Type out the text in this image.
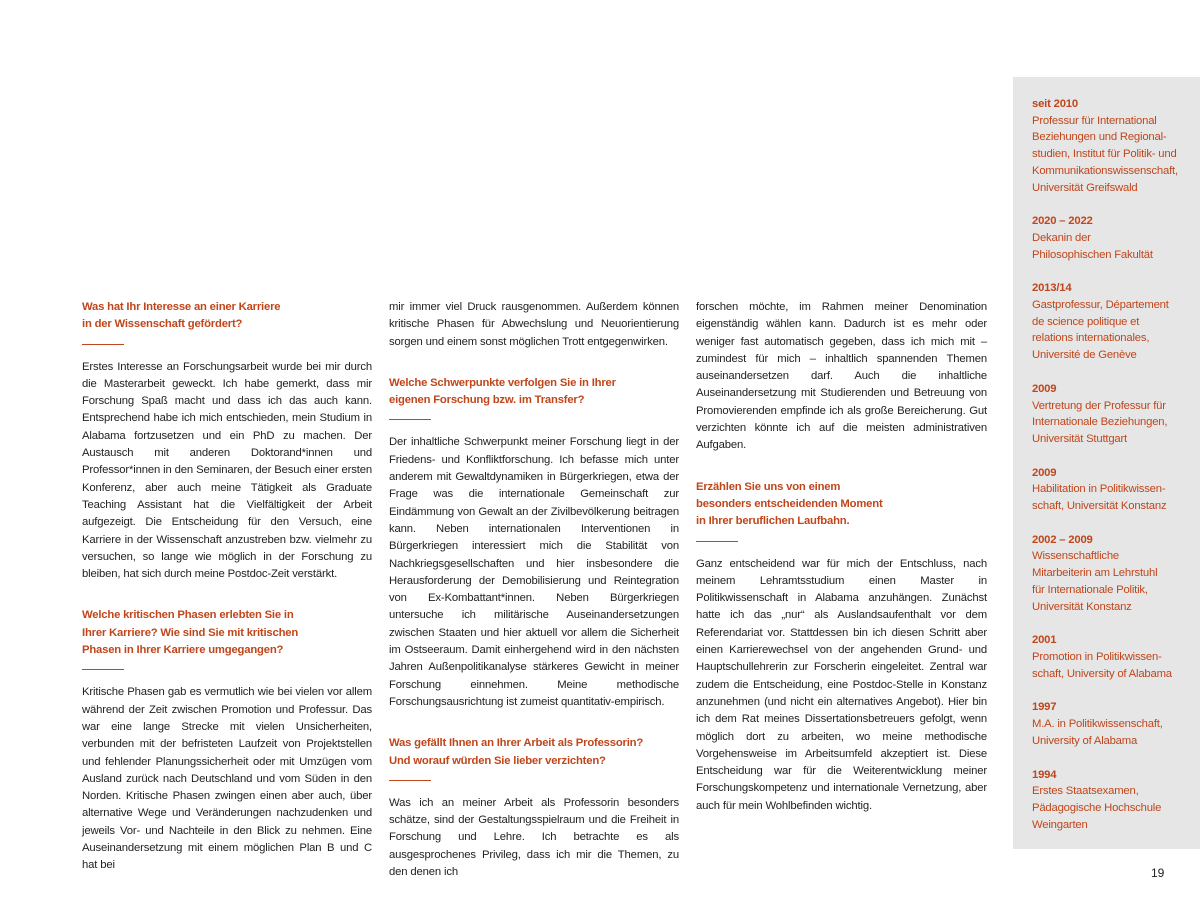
Was hat Ihr Interesse an einer Karriere
in der Wissenschaft gefördert?

Erstes Interesse an Forschungsarbeit wurde bei mir durch die Masterarbeit geweckt. Ich habe gemerkt, dass mir Forschung Spaß macht und dass ich das auch kann. Entsprechend habe ich mich entschieden, mein Studium in Alabama fortzusetzen und ein PhD zu machen. Der Austausch mit anderen Doktorand*innen und Professor*innen in den Seminaren, der Besuch einer ersten Konferenz, aber auch meine Tätigkeit als Graduate Teaching Assistant hat die Vielfältigkeit der Arbeit aufgezeigt. Die Entscheidung für den Versuch, eine Karriere in der Wissenschaft anzustreben bzw. vielmehr zu versuchen, so lange wie möglich in der Forschung zu bleiben, hat sich durch meine Postdoc-Zeit verstärkt.

Welche kritischen Phasen erlebten Sie in
Ihrer Karriere? Wie sind Sie mit kritischen
Phasen in Ihrer Karriere umgegangen?

Kritische Phasen gab es vermutlich wie bei vielen vor allem während der Zeit zwischen Promotion und Professur. Das war eine lange Strecke mit vielen Unsicherheiten, verbunden mit der befristeten Laufzeit von Projektstellen und fehlender Planungssicherheit oder mit Umzügen vom Ausland zurück nach Deutschland und vom Süden in den Norden. Kritische Phasen zwingen einen aber auch, über alternative Wege und Veränderungen nachzudenken und jeweils Vor- und Nachteile in den Blick zu nehmen. Eine Auseinandersetzung mit einem möglichen Plan B und C hat bei

mir immer viel Druck rausgenommen. Außerdem können kritische Phasen für Abwechslung und Neuorientierung sorgen und einem sonst möglichen Trott entgegenwirken.

Welche Schwerpunkte verfolgen Sie in Ihrer
eigenen Forschung bzw. im Transfer?

Der inhaltliche Schwerpunkt meiner Forschung liegt in der Friedens- und Konfliktforschung. Ich befasse mich unter anderem mit Gewaltdynamiken in Bürgerkriegen, etwa der Frage was die internationale Gemeinschaft zur Eindämmung von Gewalt an der Zivilbevölkerung beitragen kann. Neben internationalen Interventionen in Bürgerkriegen interessiert mich die Stabilität von Nachkriegsgesellschaften und hier insbesondere die Herausforderung der Demobilisierung und Reintegration von Ex-Kombattant*innen. Neben Bürgerkriegen untersuche ich militärische Auseinandersetzungen zwischen Staaten und hier aktuell vor allem die Sicherheit im Ostseeraum. Damit einhergehend wird in den nächsten Jahren Außenpolitikanalyse stärkeres Gewicht in meiner Forschung einnehmen. Meine methodische Forschungsausrichtung ist zumeist quantitativ-empirisch.

Was gefällt Ihnen an Ihrer Arbeit als Professorin?
Und worauf würden Sie lieber verzichten?

Was ich an meiner Arbeit als Professorin besonders schätze, sind der Gestaltungsspielraum und die Freiheit in Forschung und Lehre. Ich betrachte es als ausgesprochenes Privileg, dass ich mir die Themen, zu den denen ich

forschen möchte, im Rahmen meiner Denomination eigenständig wählen kann. Dadurch ist es mehr oder weniger fast automatisch gegeben, dass ich mich mit – zumindest für mich – inhaltlich spannenden Themen auseinandersetzen darf. Auch die inhaltliche Auseinandersetzung mit Studierenden und Betreuung von Promovierenden empfinde ich als große Bereicherung. Gut verzichten könnte ich auf die meisten administrativen Aufgaben.

Erzählen Sie uns von einem
besonders entscheidenden Moment
in Ihrer beruflichen Laufbahn.

Ganz entscheidend war für mich der Entschluss, nach meinem Lehramtsstudium einen Master in Politikwissenschaft in Alabama anzuhängen. Zunächst hatte ich das „nur“ als Auslandsaufenthalt vor dem Referendariat vor. Stattdessen bin ich diesen Schritt aber einen Karrierewechsel von der angehenden Grund- und Hauptschullehrerin zur Forscherin eingeleitet. Zentral war zudem die Entscheidung, eine Postdoc-Stelle in Konstanz anzunehmen (und nicht ein alternatives Angebot). Hier bin ich dem Rat meines Dissertationsbetreuers gefolgt, wenn möglich dort zu arbeiten, wo meine methodische Vorgehensweise im Arbeitsumfeld akzeptiert ist. Diese Entscheidung war für die Weiterentwicklung meiner Forschungskompetenz und internationale Vernetzung, aber auch für mein Wohlbefinden wichtig.

seit 2010

Professur für International
Beziehungen und Regional-
studien, Institut für Politik- und
Kommunikationswissenschaft,
Universität Greifswald

2020 – 2022

Dekanin der
Philosophischen Fakultät

2013/14

Gastprofessur, Département
de science politique et
relations internationales,
Université de Genève

2009

Vertretung der Professur für
Internationale Beziehungen,
Universität Stuttgart

2009

Habilitation in Politikwissen-
schaft, Universität Konstanz

2002 – 2009

Wissenschaftliche
Mitarbeiterin am Lehrstuhl
für Internationale Politik,
Universität Konstanz

2001

Promotion in Politikwissen-
schaft, University of Alabama

1997

M.A. in Politikwissenschaft,
University of Alabama

1994

Erstes Staatsexamen,
Pädagogische Hochschule
Weingarten

19
